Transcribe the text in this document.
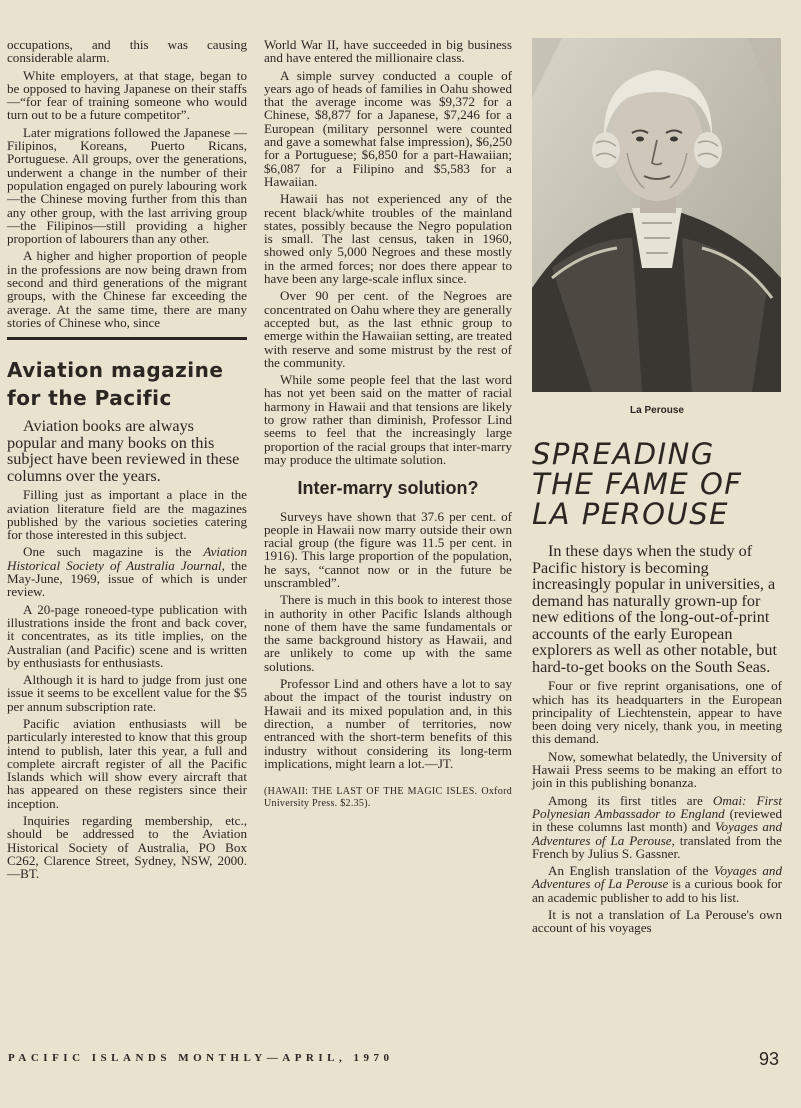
occupations, and this was causing considerable alarm.

White employers, at that stage, began to be opposed to having Japanese on their staffs—“for fear of training someone who would turn out to be a future competitor”.

Later migrations followed the Japanese — Filipinos, Koreans, Puerto Ricans, Portuguese. All groups, over the generations, underwent a change in the number of their population engaged on purely labouring work—the Chinese moving further from this than any other group, with the last arriving group—the Filipinos—still providing a higher proportion of labourers than any other.

A higher and higher proportion of people in the professions are now being drawn from second and third generations of the migrant groups, with the Chinese far exceeding the average. At the same time, there are many stories of Chinese who, since

Aviation magazine for the Pacific

Aviation books are always popular and many books on this subject have been reviewed in these columns over the years.

Filling just as important a place in the aviation literature field are the magazines published by the various societies catering for those interested in this subject.

One such magazine is the Aviation Historical Society of Australia Journal, the May-June, 1969, issue of which is under review.

A 20-page roneoed-type publication with illustrations inside the front and back cover, it concentrates, as its title implies, on the Australian (and Pacific) scene and is written by enthusiasts for enthusiasts.

Although it is hard to judge from just one issue it seems to be excellent value for the $5 per annum subscription rate.

Pacific aviation enthusiasts will be particularly interested to know that this group intend to publish, later this year, a full and complete aircraft register of all the Pacific Islands which will show every aircraft that has appeared on these registers since their inception.

Inquiries regarding membership, etc., should be addressed to the Aviation Historical Society of Australia, PO Box C262, Clarence Street, Sydney, NSW, 2000.—BT.

World War II, have succeeded in big business and have entered the millionaire class.

A simple survey conducted a couple of years ago of heads of families in Oahu showed that the average income was $9,372 for a Chinese, $8,877 for a Japanese, $7,246 for a European (military personnel were counted and gave a somewhat false impression), $6,250 for a Portuguese; $6,850 for a part-Hawaiian; $6,087 for a Filipino and $5,583 for a Hawaiian.

Hawaii has not experienced any of the recent black/white troubles of the mainland states, possibly because the Negro population is small. The last census, taken in 1960, showed only 5,000 Negroes and these mostly in the armed forces; nor does there appear to have been any large-scale influx since.

Over 90 per cent. of the Negroes are concentrated on Oahu where they are generally accepted but, as the last ethnic group to emerge within the Hawaiian setting, are treated with reserve and some mistrust by the rest of the community.

While some people feel that the last word has not yet been said on the matter of racial harmony in Hawaii and that tensions are likely to grow rather than diminish, Professor Lind seems to feel that the increasingly large proportion of the racial groups that inter-marry may produce the ultimate solution.

Inter-marry solution?

Surveys have shown that 37.6 per cent. of people in Hawaii now marry outside their own racial group (the figure was 11.5 per cent. in 1916). This large proportion of the population, he says, “cannot now or in the future be unscrambled”.

There is much in this book to interest those in authority in other Pacific Islands although none of them have the same fundamentals or the same background history as Hawaii, and are unlikely to come up with the same solutions.

Professor Lind and others have a lot to say about the impact of the tourist industry on Hawaii and its mixed population and, in this direction, a number of territories, now entranced with the short-term benefits of this industry without considering its long-term implications, might learn a lot.—JT.

(HAWAII: THE LAST OF THE MAGIC ISLES. Oxford University Press. $2.35).
La Perouse
SPREADING THE FAME OF LA PEROUSE

In these days when the study of Pacific history is becoming increasingly popular in universities, a demand has naturally grown-up for new editions of the long-out-of-print accounts of the early European explorers as well as other notable, but hard-to-get books on the South Seas.

Four or five reprint organisations, one of which has its headquarters in the European principality of Liechtenstein, appear to have been doing very nicely, thank you, in meeting this demand.

Now, somewhat belatedly, the University of Hawaii Press seems to be making an effort to join in this publishing bonanza.

Among its first titles are Omai: First Polynesian Ambassador to England (reviewed in these columns last month) and Voyages and Adventures of La Perouse, translated from the French by Julius S. Gassner.

An English translation of the Voyages and Adventures of La Perouse is a curious book for an academic publisher to add to his list.

It is not a translation of La Perouse's own account of his voyages

PACIFIC ISLANDS MONTHLY—APRIL, 1970	93
